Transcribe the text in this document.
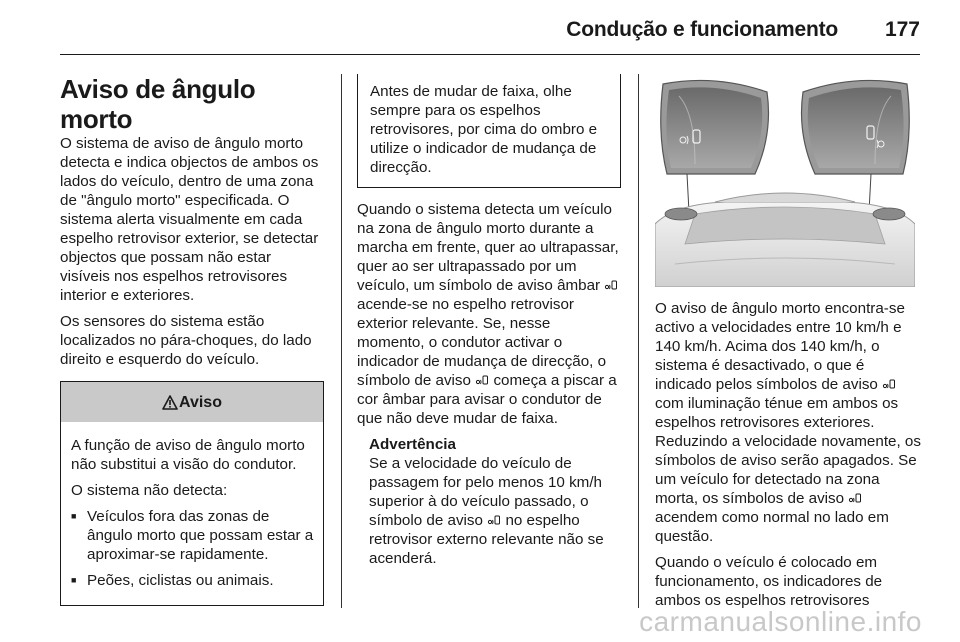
Condução e funcionamento 177
Aviso de ângulo morto

O sistema de aviso de ângulo morto detecta e indica objectos de ambos os lados do veículo, dentro de uma zona de "ângulo morto" especificada. O sistema alerta visualmente em cada espelho retrovisor exterior, se detectar objectos que possam não estar visíveis nos espelhos retrovisores interior e exteriores.

Os sensores do sistema estão localizados no pára-choques, do lado direito e esquerdo do veículo.

Aviso

A função de aviso de ângulo morto não substitui a visão do condutor.

O sistema não detecta:

■ Veículos fora das zonas de ângulo morto que possam estar a aproximar-se rapidamente.
■ Peões, ciclistas ou animais.
Antes de mudar de faixa, olhe sempre para os espelhos retrovisores, por cima do ombro e utilize o indicador de mudança de direcção.

Quando o sistema detecta um veículo na zona de ângulo morto durante a marcha em frente, quer ao ultrapassar, quer ao ser ultrapassado por um veículo, um símbolo de aviso âmbar  acende-se no espelho retrovisor exterior relevante. Se, nesse momento, o condutor activar o indicador de mudança de direcção, o símbolo de aviso começa a piscar a cor âmbar para avisar o condutor de que não deve mudar de faixa.

Advertência
Se a velocidade do veículo de passagem for pelo menos 10 km/h superior à do veículo passado, o símbolo de aviso no espelho retrovisor externo relevante não se acenderá.

O aviso de ângulo morto encontra-se activo a velocidades entre 10 km/h e 140 km/h. Acima dos 140 km/h, o sistema é desactivado, o que é indicado pelos símbolos de aviso  com iluminação ténue em ambos os espelhos retrovisores exteriores. Reduzindo a velocidade novamente, os símbolos de aviso serão apagados. Se um veículo for detectado na zona morta, os símbolos de aviso  acendem como normal no lado em questão.

Quando o veículo é colocado em funcionamento, os indicadores de ambos os espelhos retrovisores

carmanualsonline.info
